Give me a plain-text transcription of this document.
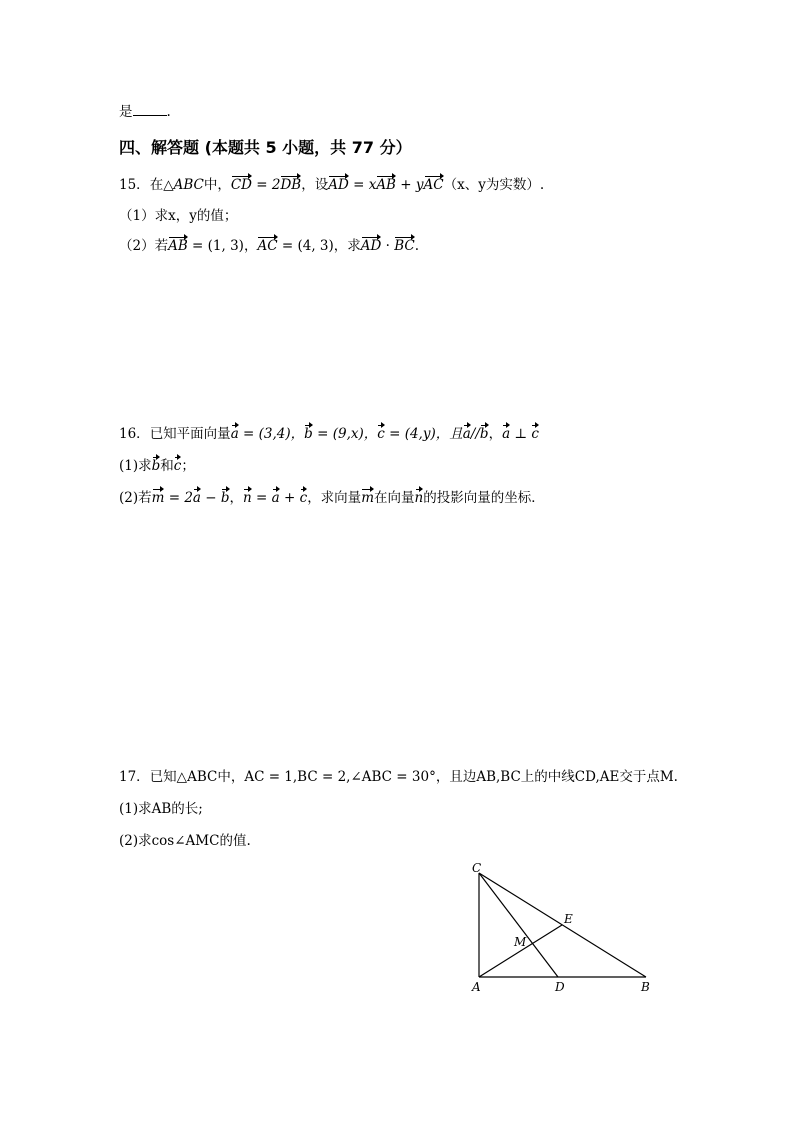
是	.
四、解答题 (本题共 5 小题，共 77 分）
15．在△ABC中，CD = 2DB，设AD = xAB + yAC（x、y为实数）.
（1）求x，y的值；
（2）若AB = (1, 3)，AC = (4, 3)，求AD · BC.
16．已知平面向量a = (3,4)，b = (9,x)，c = (4,y)，且a//b，a ⊥ c
(1)求b和c；
(2)若m = 2a − b，n = a + c，求向量m在向量n的投影向量的坐标．
17．已知△ABC中，AC = 1,BC = 2,∠ABC = 30°，且边AB,BC上的中线CD,AE交于点M.
(1)求AB的长;
(2)求cos∠AMC的值.
C
E
M
A	D	B
